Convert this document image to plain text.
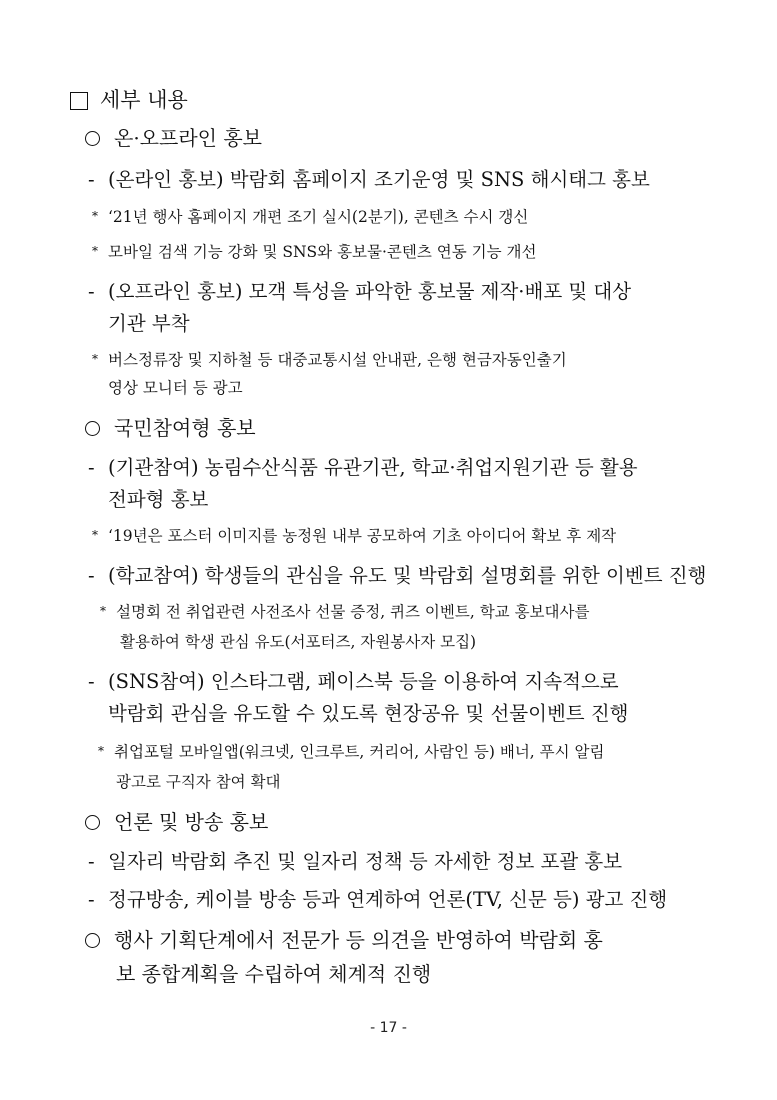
세부 내용
온·오프라인 홍보
- (온라인 홍보) 박람회 홈페이지 조기운영 및 SNS 해시태그 홍보
* ‘21년 행사 홈페이지 개편 조기 실시(2분기), 콘텐츠 수시 갱신
* 모바일 검색 기능 강화 및 SNS와 홍보물·콘텐츠 연동 기능 개선
- (오프라인 홍보) 모객 특성을 파악한 홍보물 제작·배포 및 대상
기관 부착
* 버스정류장 및 지하철 등 대중교통시설 안내판, 은행 현금자동인출기
영상 모니터 등 광고
국민참여형 홍보
- (기관참여) 농림수산식품 유관기관, 학교·취업지원기관 등 활용
전파형 홍보
* ‘19년은 포스터 이미지를 농정원 내부 공모하여 기초 아이디어 확보 후 제작
- (학교참여) 학생들의 관심을 유도 및 박람회 설명회를 위한 이벤트 진행
* 설명회 전 취업관련 사전조사 선물 증정, 퀴즈 이벤트, 학교 홍보대사를
활용하여 학생 관심 유도(서포터즈, 자원봉사자 모집)
- (SNS참여) 인스타그램, 페이스북 등을 이용하여 지속적으로
박람회 관심을 유도할 수 있도록 현장공유 및 선물이벤트 진행
* 취업포털 모바일앱(워크넷, 인크루트, 커리어, 사람인 등) 배너, 푸시 알림
광고로 구직자 참여 확대
언론 및 방송 홍보
- 일자리 박람회 추진 및 일자리 정책 등 자세한 정보 포괄 홍보
- 정규방송, 케이블 방송 등과 연계하여 언론(TV, 신문 등) 광고 진행
행사 기획단계에서 전문가 등 의견을 반영하여 박람회 홍
보 종합계획을 수립하여 체계적 진행
- 17 -
